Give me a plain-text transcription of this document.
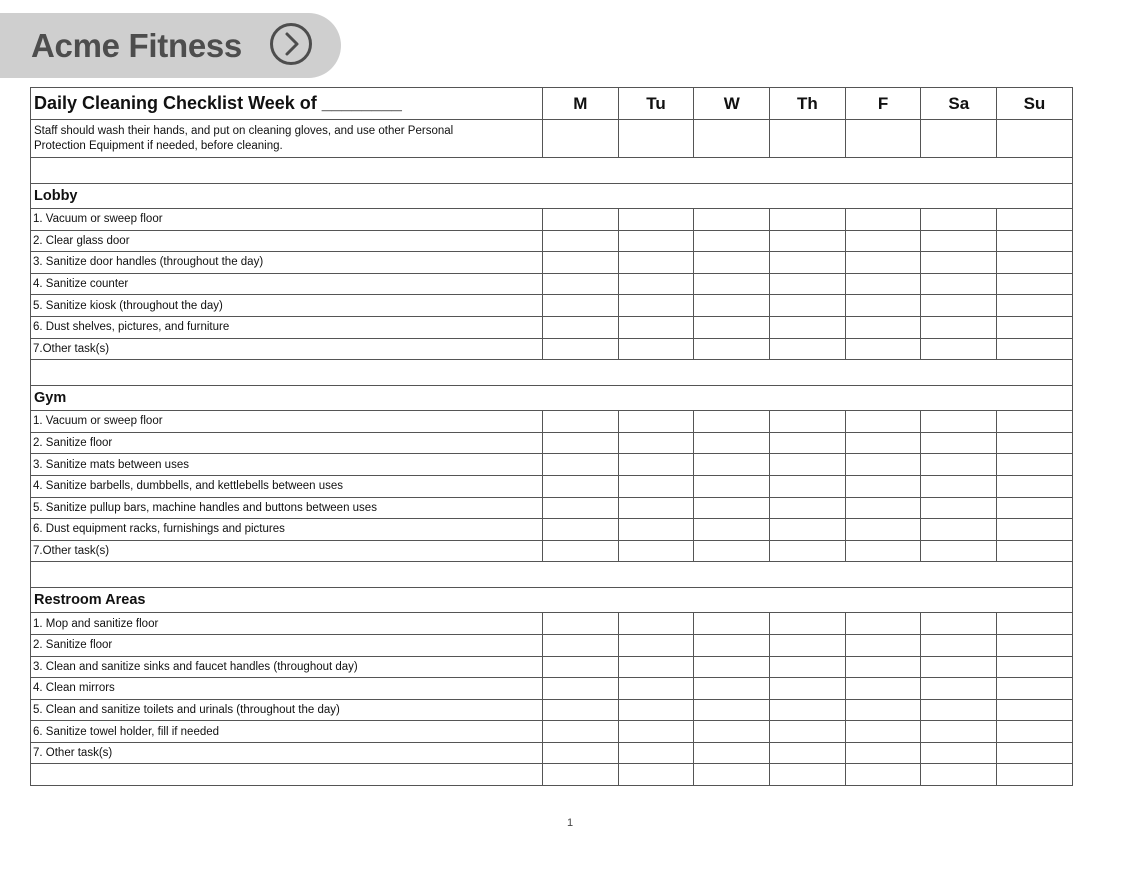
Acme Fitness
Daily Cleaning Checklist Week of ________	M	Tu	W	Th	F	Sa	Su
Staff should wash their hands, and put on cleaning gloves, and use other Personal Protection Equipment if needed, before cleaning.							

Lobby							
1. Vacuum or sweep floor							
2. Clear glass door							
3. Sanitize door handles (throughout the day)							
4. Sanitize counter							
5. Sanitize kiosk (throughout the day)							
6. Dust shelves, pictures, and furniture							
7.Other task(s)							

Gym							
1. Vacuum or sweep floor							
2. Sanitize floor							
3. Sanitize mats between uses							
4. Sanitize barbells, dumbbells, and kettlebells between uses							
5. Sanitize pullup bars, machine handles and buttons between uses							
6. Dust equipment racks, furnishings and pictures							
7.Other task(s)							

Restroom Areas							
1. Mop and sanitize floor							
2. Sanitize floor							
3. Clean and sanitize sinks and faucet handles (throughout day)							
4. Clean mirrors							
5. Clean and sanitize toilets and urinals (throughout the day)							
6. Sanitize towel holder, fill if needed							
7. Other task(s)							

1
